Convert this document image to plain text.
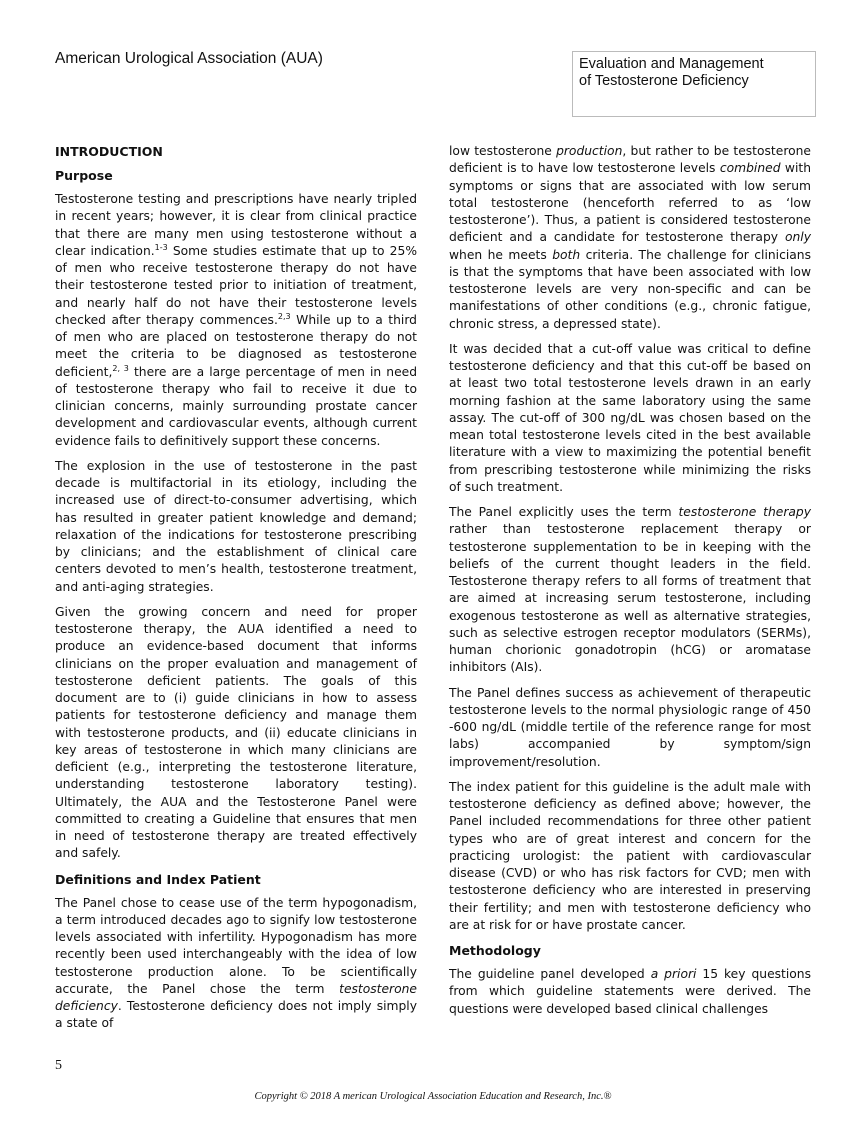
American Urological Association (AUA)	Evaluation and Management
of Testosterone Deficiency
INTRODUCTION
Purpose

Testosterone testing and prescriptions have nearly tripled in recent years; however, it is clear from clinical practice that there are many men using testosterone without a clear indication.$^{1-3}$ Some studies estimate that up to 25% of men who receive testosterone therapy do not have their testosterone tested prior to initiation of treatment, and nearly half do not have their testosterone levels checked after therapy commences.$^{2,3}$ While up to a third of men who are placed on testosterone therapy do not meet the criteria to be diagnosed as testosterone deficient,$^{2, 3}$ there are a large percentage of men in need of testosterone therapy who fail to receive it due to clinician concerns, mainly surrounding prostate cancer development and cardiovascular events, although current evidence fails to definitively support these concerns.

The explosion in the use of testosterone in the past decade is multifactorial in its etiology, including the increased use of direct-to-consumer advertising, which has resulted in greater patient knowledge and demand; relaxation of the indications for testosterone prescribing by clinicians; and the establishment of clinical care centers devoted to men’s health, testosterone treatment, and anti-aging strategies.

Given the growing concern and need for proper testosterone therapy, the AUA identified a need to produce an evidence-based document that informs clinicians on the proper evaluation and management of testosterone deficient patients. The goals of this document are to (i) guide clinicians in how to assess patients for testosterone deficiency and manage them with testosterone products, and (ii) educate clinicians in key areas of testosterone in which many clinicians are deficient (e.g., interpreting the testosterone literature, understanding testosterone laboratory testing). Ultimately, the AUA and the Testosterone Panel were committed to creating a Guideline that ensures that men in need of testosterone therapy are treated effectively and safely.

Definitions and Index Patient

The Panel chose to cease use of the term hypogonadism, a term introduced decades ago to signify low testosterone levels associated with infertility. Hypogonadism has more recently been used interchangeably with the idea of low testosterone production alone. To be scientifically accurate, the Panel chose the term testosterone deficiency. Testosterone deficiency does not imply simply a state of

low testosterone production, but rather to be testosterone deficient is to have low testosterone levels combined with symptoms or signs that are associated with low serum total testosterone (henceforth referred to as ‘low testosterone’). Thus, a patient is considered testosterone deficient and a candidate for testosterone therapy only when he meets both criteria. The challenge for clinicians is that the symptoms that have been associated with low testosterone levels are very non-specific and can be manifestations of other conditions (e.g., chronic fatigue, chronic stress, a depressed state).

It was decided that a cut-off value was critical to define testosterone deficiency and that this cut-off be based on at least two total testosterone levels drawn in an early morning fashion at the same laboratory using the same assay. The cut-off of 300 ng/dL was chosen based on the mean total testosterone levels cited in the best available literature with a view to maximizing the potential benefit from prescribing testosterone while minimizing the risks of such treatment.

The Panel explicitly uses the term testosterone therapy rather than testosterone replacement therapy or testosterone supplementation to be in keeping with the beliefs of the current thought leaders in the field. Testosterone therapy refers to all forms of treatment that are aimed at increasing serum testosterone, including exogenous testosterone as well as alternative strategies, such as selective estrogen receptor modulators (SERMs), human chorionic gonadotropin (hCG) or aromatase inhibitors (AIs).

The Panel defines success as achievement of therapeutic testosterone levels to the normal physiologic range of 450 -600 ng/dL (middle tertile of the reference range for most labs) accompanied by symptom/sign improvement/resolution.

The index patient for this guideline is the adult male with testosterone deficiency as defined above; however, the Panel included recommendations for three other patient types who are of great interest and concern for the practicing urologist: the patient with cardiovascular disease (CVD) or who has risk factors for CVD; men with testosterone deficiency who are interested in preserving their fertility; and men with testosterone deficiency who are at risk for or have prostate cancer.

Methodology

The guideline panel developed a priori 15 key questions from which guideline statements were derived. The questions were developed based clinical challenges

5
Copyright © 2018 A merican Urological Association Education and Research, Inc.®
